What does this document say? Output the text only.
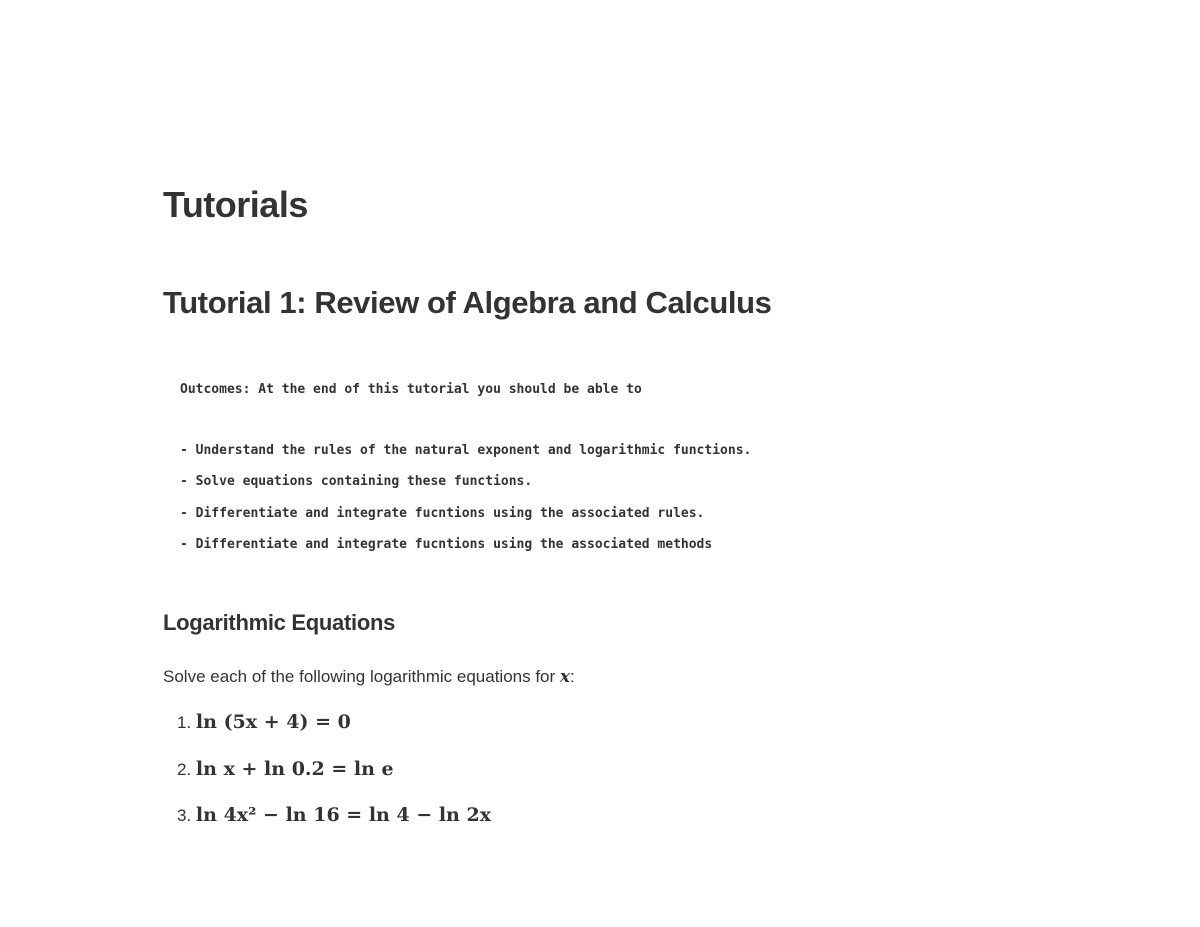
Tutorials
Tutorial 1: Review of Algebra and Calculus

Outcomes: At the end of this tutorial you should be able to

- Understand the rules of the natural exponent and logarithmic functions.

- Solve equations containing these functions.

- Differentiate and integrate fucntions using the associated rules.

- Differentiate and integrate fucntions using the associated methods

Logarithmic Equations
Solve each of the following logarithmic equations for x:
1. ln (5x + 4) = 0
2. ln x + ln 0.2 = ln e
3. ln 4x² − ln 16 = ln 4 − ln 2x
